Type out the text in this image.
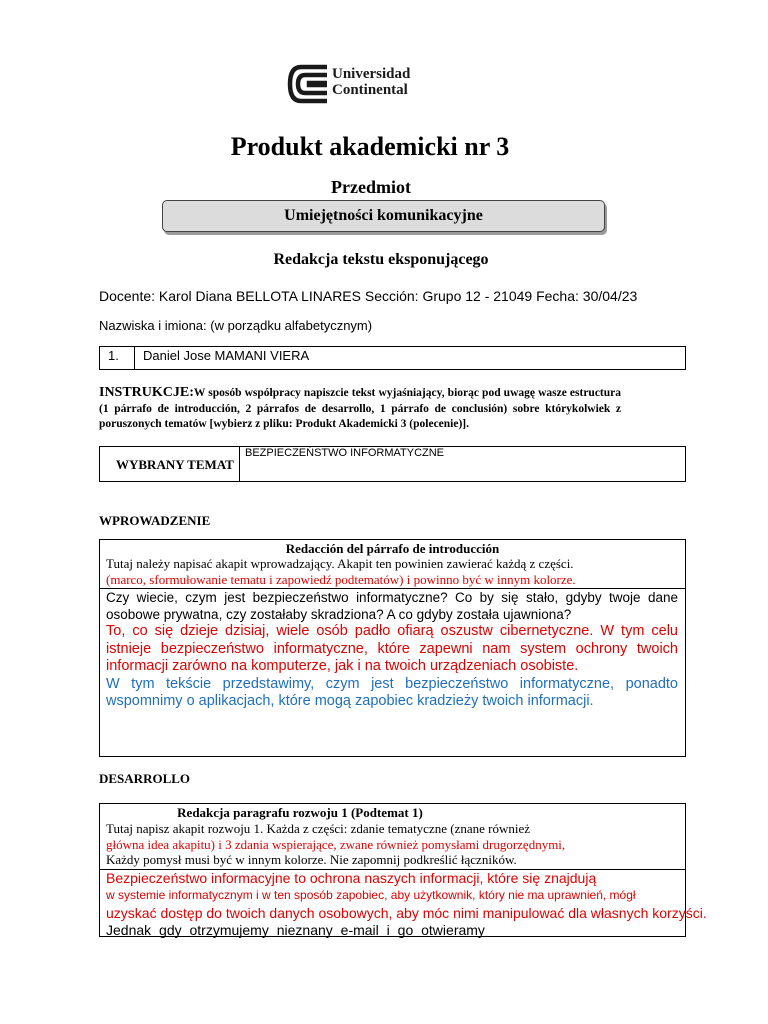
Universidad
Continental
Produkt akademicki nr 3
Przedmiot
Umiejętności komunikacyjne
Redakcja tekstu eksponującego
Docente: Karol Diana BELLOTA LINARES Sección: Grupo 12 - 21049 Fecha: 30/04/23
Nazwiska i imiona: (w porządku alfabetycznym)
1. Daniel Jose MAMANI VIERA
INSTRUKCJE:W sposób współpracy napiszcie tekst wyjaśniający, biorąc pod uwagę wasze estructura (1 párrafo de introducción, 2 párrafos de desarrollo, 1 párrafo de conclusión) sobre którykolwiek z poruszonych tematów [wybierz z pliku: Produkt Akademicki 3 (polecenie)].
WYBRANY TEMAT
BEZPIECZEŃSTWO INFORMATYCZNE
WPROWADZENIE
Redacción del párrafo de introducción
Tutaj należy napisać akapit wprowadzający. Akapit ten powinien zawierać każdą z części.
(marco, sformułowanie tematu i zapowiedź podtematów) i powinno być w innym kolorze.
Czy wiecie, czym jest bezpieczeństwo informatyczne? Co by się stało, gdyby twoje dane osobowe prywatna, czy zostałaby skradziona? A co gdyby została ujawniona?
To, co się dzieje dzisiaj, wiele osób padło ofiarą oszustw cibernetyczne. W tym celu istnieje bezpieczeństwo informatyczne, które zapewni nam system ochrony twoich informacji zarówno na komputerze, jak i na twoich urządzeniach osobiste.
W tym tekście przedstawimy, czym jest bezpieczeństwo informatyczne, ponadto wspomnimy o aplikacjach, które mogą zapobiec kradzieży twoich informacji.
DESARROLLO
Redakcja paragrafu rozwoju 1 (Podtemat 1)
Tutaj napisz akapit rozwoju 1. Każda z części: zdanie tematyczne (znane również
główna idea akapitu) i 3 zdania wspierające, zwane również pomysłami drugorzędnymi,
Każdy pomysł musi być w innym kolorze. Nie zapomnij podkreślić łączników.
Bezpieczeństwo informacyjne to ochrona naszych informacji, które się znajdują
w systemie informatycznym i w ten sposób zapobiec, aby użytkownik, który nie ma uprawnień, mógł
uzyskać dostęp do twoich danych osobowych, aby móc nimi manipulować dla własnych korzyści.
Jednak gdy otrzymujemy nieznany e-mail i go otwieramy
